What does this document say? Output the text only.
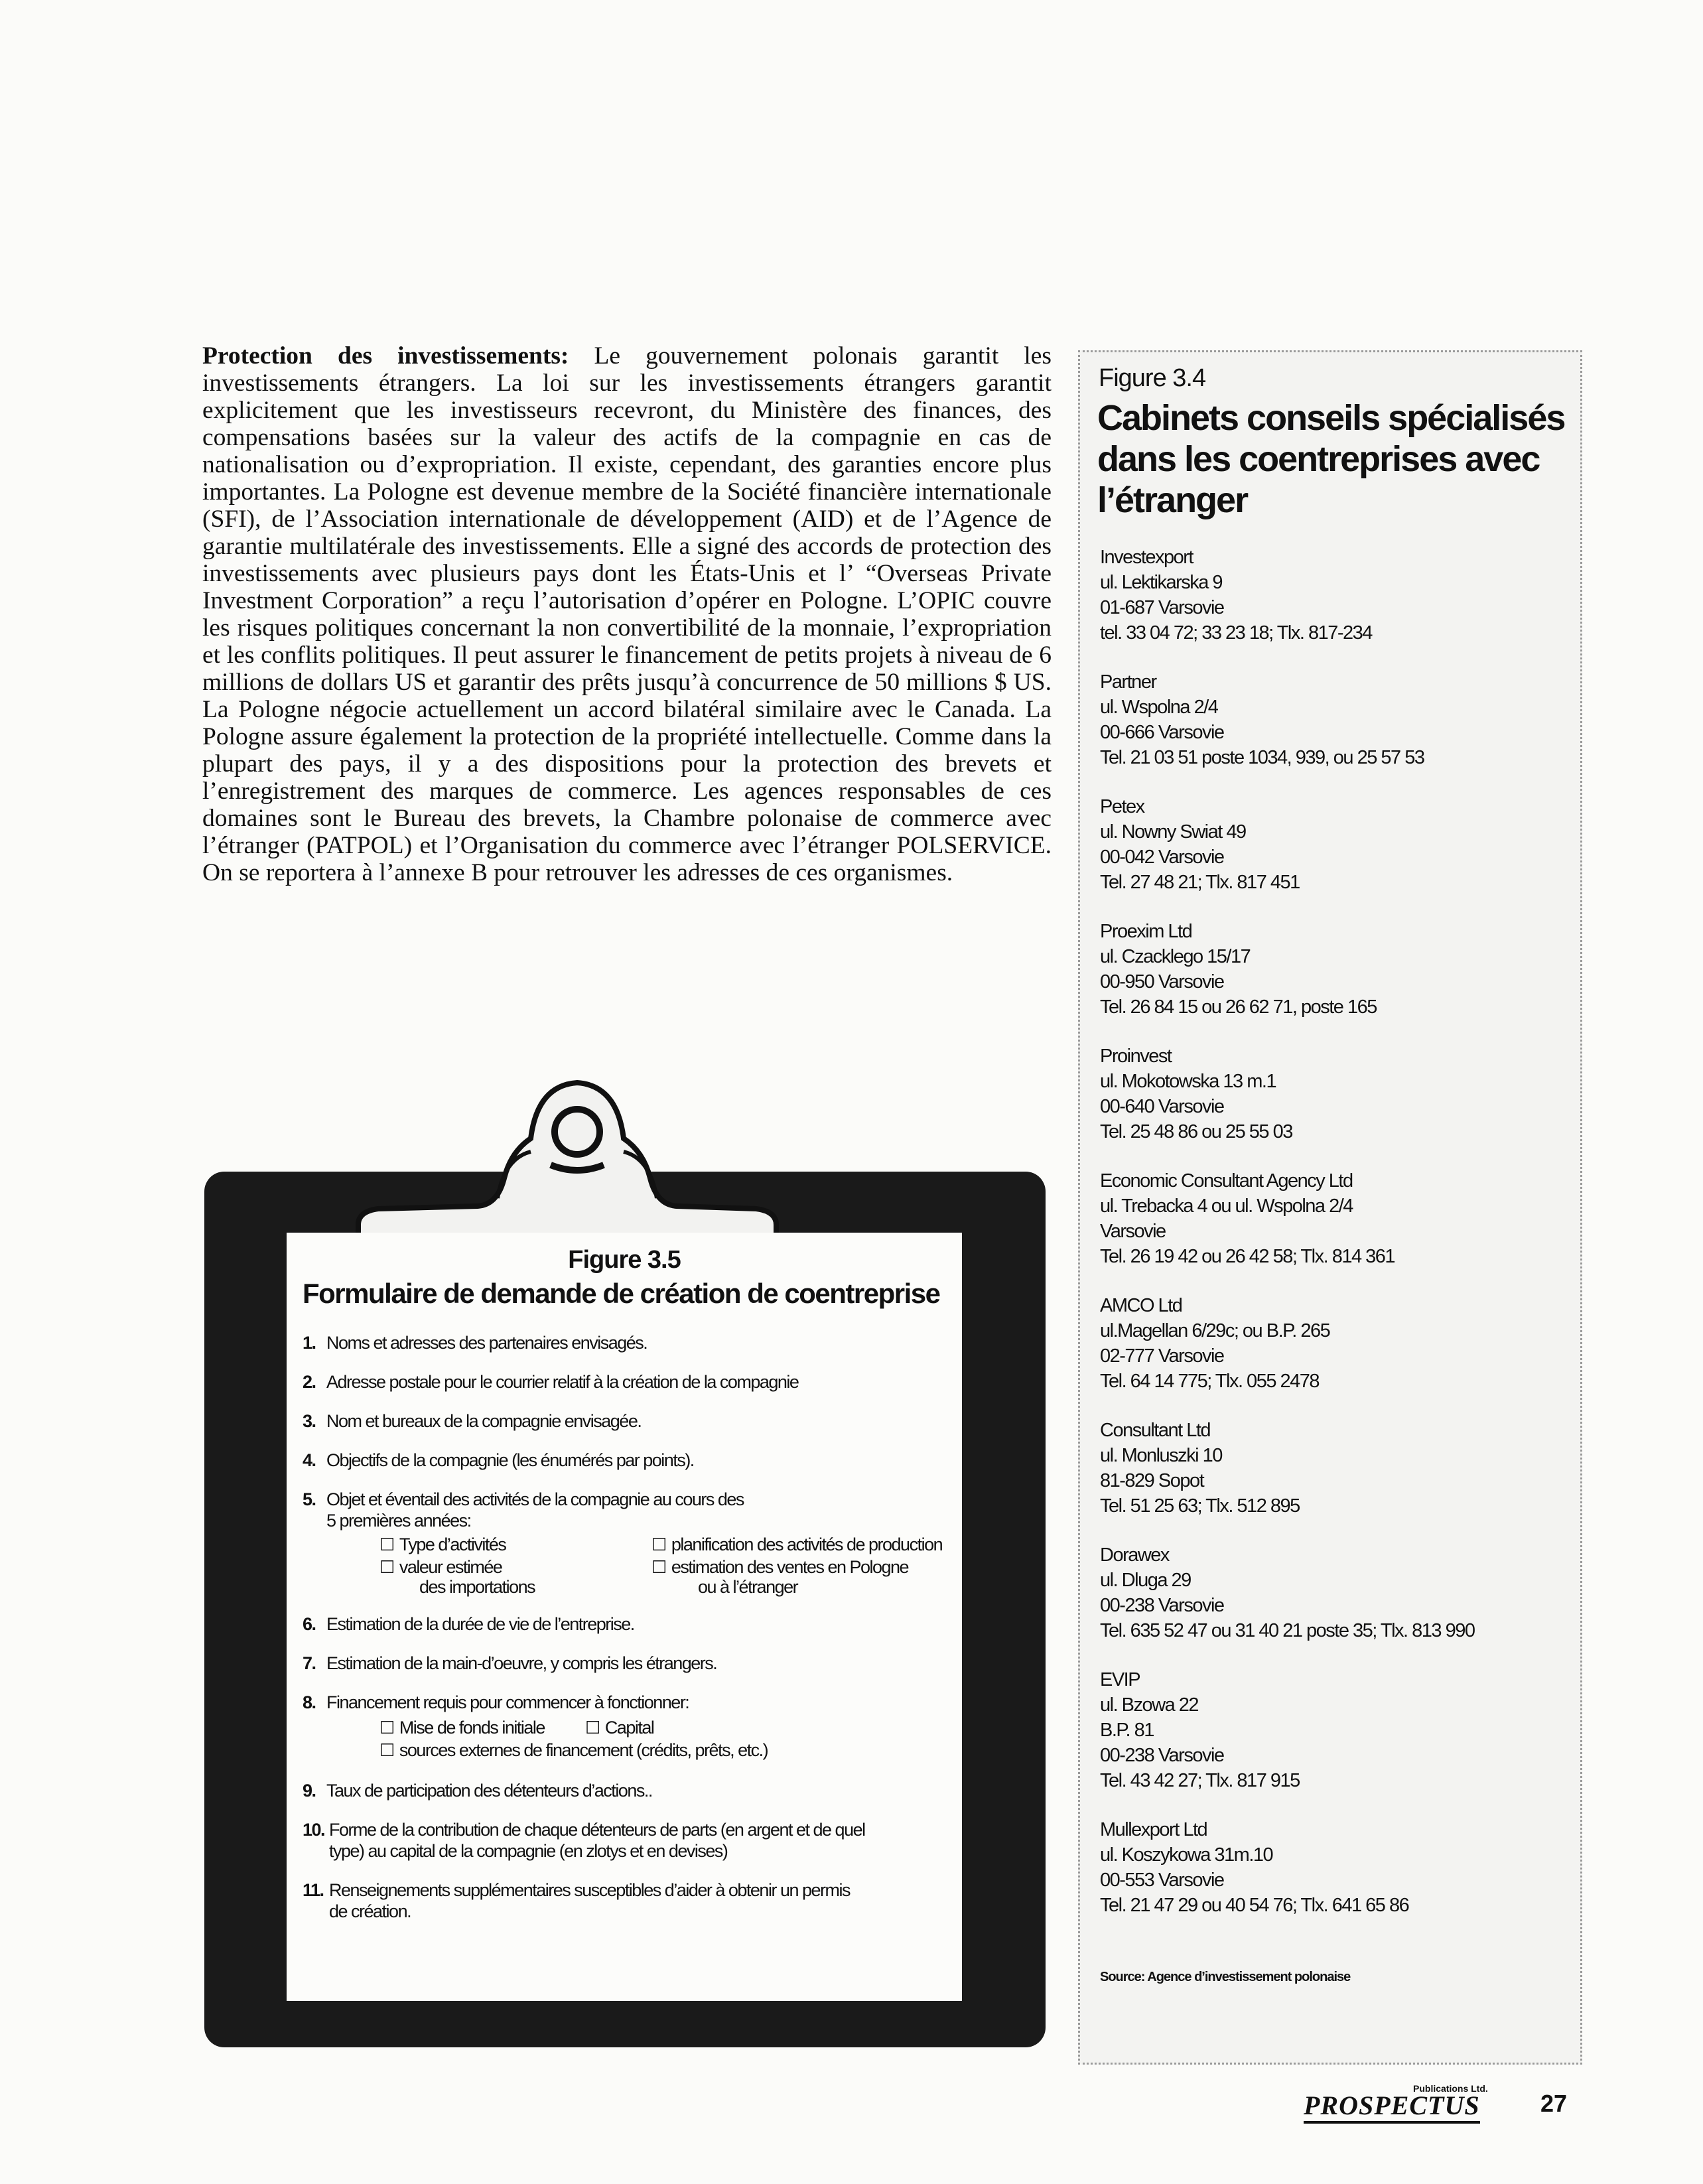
Protection des investissements: Le gouvernement polonais garantit les investissements étrangers. La loi sur les investissements étrangers garantit explicitement que les investisseurs recevront, du Ministère des finances, des compensations basées sur la valeur des actifs de la compagnie en cas de nationalisation ou d’expropriation. Il existe, cependant, des garanties encore plus importantes. La Pologne est devenue membre de la Société financière internationale (SFI), de l’Association internationale de développement (AID) et de l’Agence de garantie multilatérale des investissements. Elle a signé des accords de protection des investissements avec plusieurs pays dont les États-Unis et l’ “Overseas Private Investment Corporation” a reçu l’autorisation d’opérer en Pologne. L’OPIC couvre les risques politiques concernant la non convertibilité de la monnaie, l’expropriation et les conflits politiques. Il peut assurer le financement de petits projets à niveau de 6 millions de dollars US et garantir des prêts jusqu’à concurrence de 50 millions $ US. La Pologne négocie actuellement un accord bilatéral similaire avec le Canada. La Pologne assure également la protection de la propriété intellectuelle. Comme dans la plupart des pays, il y a des dispositions pour la protection des brevets et l’enregistrement des marques de commerce. Les agences responsables de ces domaines sont le Bureau des brevets, la Chambre polonaise de commerce avec l’étranger (PATPOL) et l’Organisation du commerce avec l’étranger POLSERVICE. On se reportera à l’annexe B pour retrouver les adresses de ces organismes.
Figure 3.4
Cabinets conseils spécialisés dans les coentreprises avec l’étranger
Investexport
ul. Lektikarska 9
01-687 Varsovie
tel. 33 04 72; 33 23 18; Tlx. 817-234
Partner
ul. Wspolna 2/4
00-666 Varsovie
Tel. 21 03 51 poste 1034, 939, ou 25 57 53
Petex
ul. Nowny Swiat 49
00-042 Varsovie
Tel. 27 48 21; Tlx. 817 451
Proexim Ltd
ul. Czacklego 15/17
00-950 Varsovie
Tel. 26 84 15 ou 26 62 71, poste 165
Proinvest
ul. Mokotowska 13 m.1
00-640 Varsovie
Tel. 25 48 86 ou 25 55 03
Economic Consultant Agency Ltd
ul. Trebacka 4 ou ul. Wspolna 2/4
Varsovie
Tel. 26 19 42 ou 26 42 58; Tlx. 814 361
AMCO Ltd
ul.Magellan 6/29c; ou B.P. 265
02-777 Varsovie
Tel. 64 14 775; Tlx. 055 2478
Consultant Ltd
ul. Monluszki 10
81-829 Sopot
Tel. 51 25 63; Tlx. 512 895
Dorawex
ul. Dluga 29
00-238 Varsovie
Tel. 635 52 47 ou 31 40 21 poste 35; Tlx. 813 990
EVIP
ul. Bzowa 22
B.P. 81
00-238 Varsovie
Tel. 43 42 27; Tlx. 817 915
Mullexport Ltd
ul. Koszykowa 31m.10
00-553 Varsovie
Tel. 21 47 29 ou 40 54 76; Tlx. 641 65 86
Source: Agence d’investissement polonaise
Figure 3.5
Formulaire de demande de création de coentreprise
1. Noms et adresses des partenaires envisagés.
2. Adresse postale pour le courrier relatif à la création de la compagnie
3. Nom et bureaux de la compagnie envisagée.
4. Objectifs de la compagnie (les énumérés par points).
5. Objet et éventail des activités de la compagnie au cours des
5 premières années:
☐ Type d’activités	☐ planification des activités de production
☐ valeur estimée
des importations
☐ estimation des ventes en Pologne
ou à l’étranger
6. Estimation de la durée de vie de l’entreprise.
7. Estimation de la main-d’oeuvre, y compris les étrangers.
8. Financement requis pour commencer à fonctionner:
☐ Mise de fonds initiale ☐ Capital
☐ sources externes de financement (crédits, prêts, etc.)
9. Taux de participation des détenteurs d’actions..
10. Forme de la contribution de chaque détenteurs de parts (en argent et de quel
type) au capital de la compagnie (en zlotys et en devises)
11. Renseignements supplémentaires susceptibles d’aider à obtenir un permis
de création.
Publications Ltd.
PROSPECTUS	27
